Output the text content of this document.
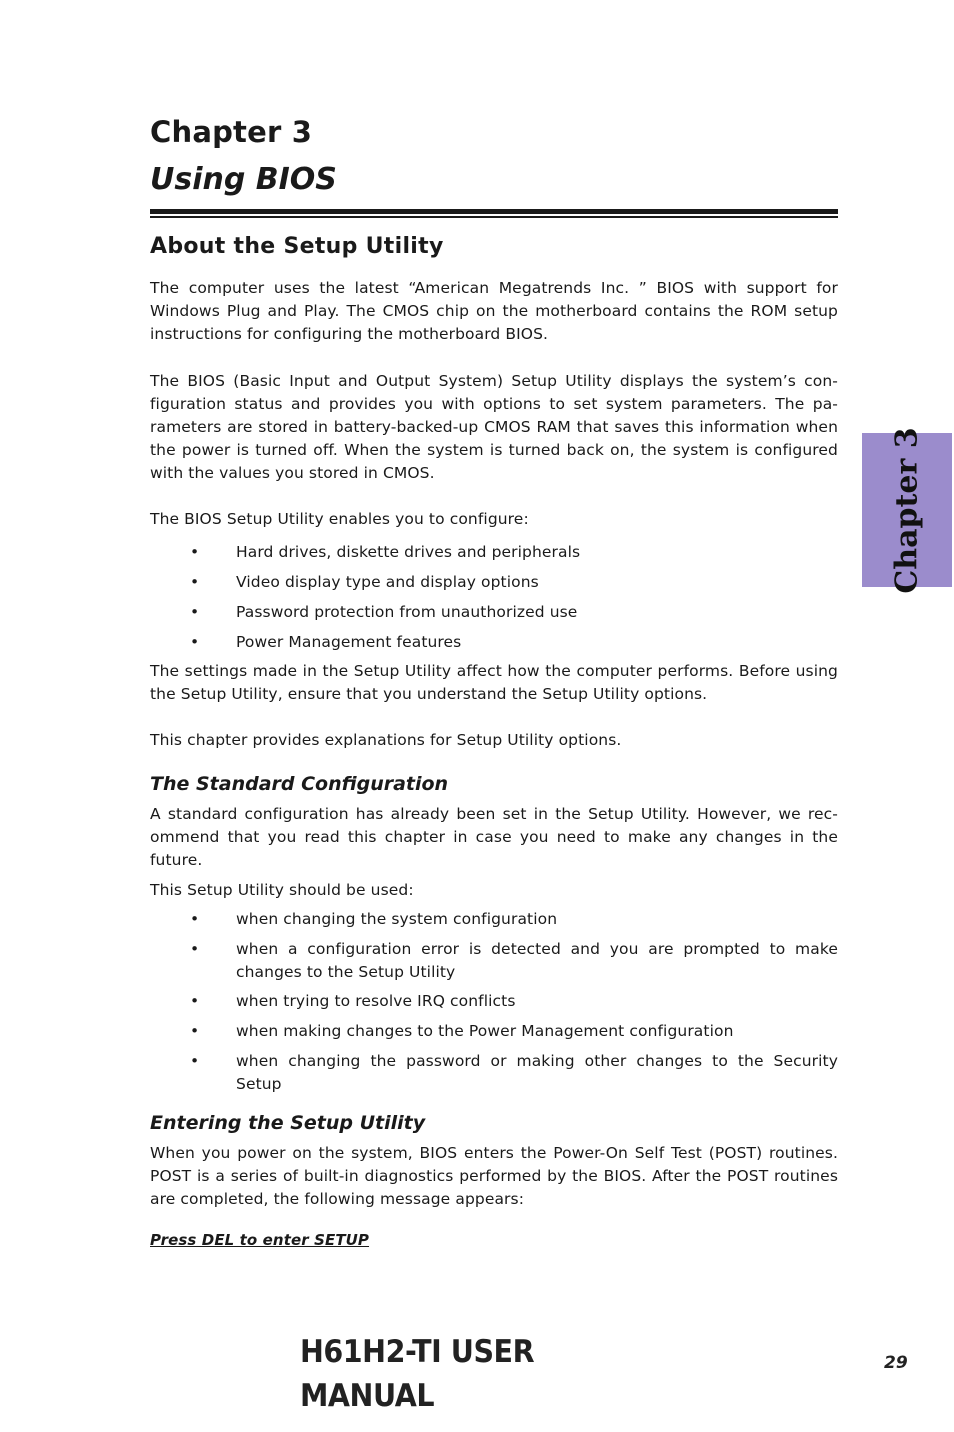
Chapter 3
Using BIOS
About the Setup Utility

The computer uses the latest “American Megatrends Inc. ” BIOS with support for Windows Plug and Play. The CMOS chip on the motherboard contains the ROM setup instructions for configuring the motherboard BIOS.

The BIOS (Basic Input and Output System) Setup Utility displays the system’s con-figuration status and provides you with options to set system parameters. The pa-rameters are stored in battery-backed-up CMOS RAM that saves this information when the power is turned off. When the system is turned back on, the system is configured with the values you stored in CMOS.

The BIOS Setup Utility enables you to configure:

• Hard drives, diskette drives and peripherals
• Video display type and display options
• Password protection from unauthorized use
• Power Management features

The settings made in the Setup Utility affect how the computer performs. Before using the Setup Utility, ensure that you understand the Setup Utility options.

This chapter provides explanations for Setup Utility options.

The Standard Configuration

A standard configuration has already been set in the Setup Utility. However, we rec-ommend that you read this chapter in case you need to make any changes in the future.

This Setup Utility should be used:

• when changing the system configuration
• when a configuration error is detected and you are prompted to make changes to the Setup Utility
• when trying to resolve IRQ conflicts
• when making changes to the Power Management configuration
• when changing the password or making other changes to the Security Setup
Entering the Setup Utility

When you power on the system, BIOS enters the Power-On Self Test (POST) routines. POST is a series of built-in diagnostics performed by the BIOS. After the POST routines are completed, the following message appears:

Press DEL to enter SETUP

Chapter 3
H61H2-TI USER MANUAL
29
